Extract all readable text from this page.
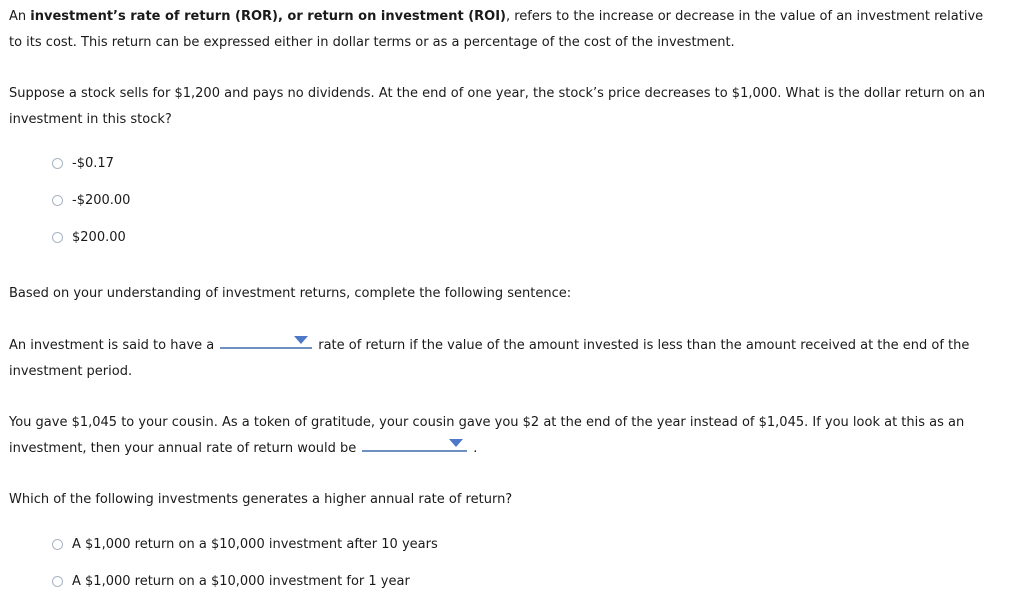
An investment’s rate of return (ROR), or return on investment (ROI), refers to the increase or decrease in the value of an investment relative to its cost. This return can be expressed either in dollar terms or as a percentage of the cost of the investment.

Suppose a stock sells for $1,200 and pays no dividends. At the end of one year, the stock’s price decreases to $1,000. What is the dollar return on an investment in this stock?

-$0.17
-$200.00
$200.00

Based on your understanding of investment returns, complete the following sentence:

An investment is said to have a	rate of return if the value of the amount invested is less than the amount received at the end of the investment period.

You gave $1,045 to your cousin. As a token of gratitude, your cousin gave you $2 at the end of the year instead of $1,045. If you look at this as an investment, then your annual rate of return would be	.

Which of the following investments generates a higher annual rate of return?

A $1,000 return on a $10,000 investment after 10 years
A $1,000 return on a $10,000 investment for 1 year
